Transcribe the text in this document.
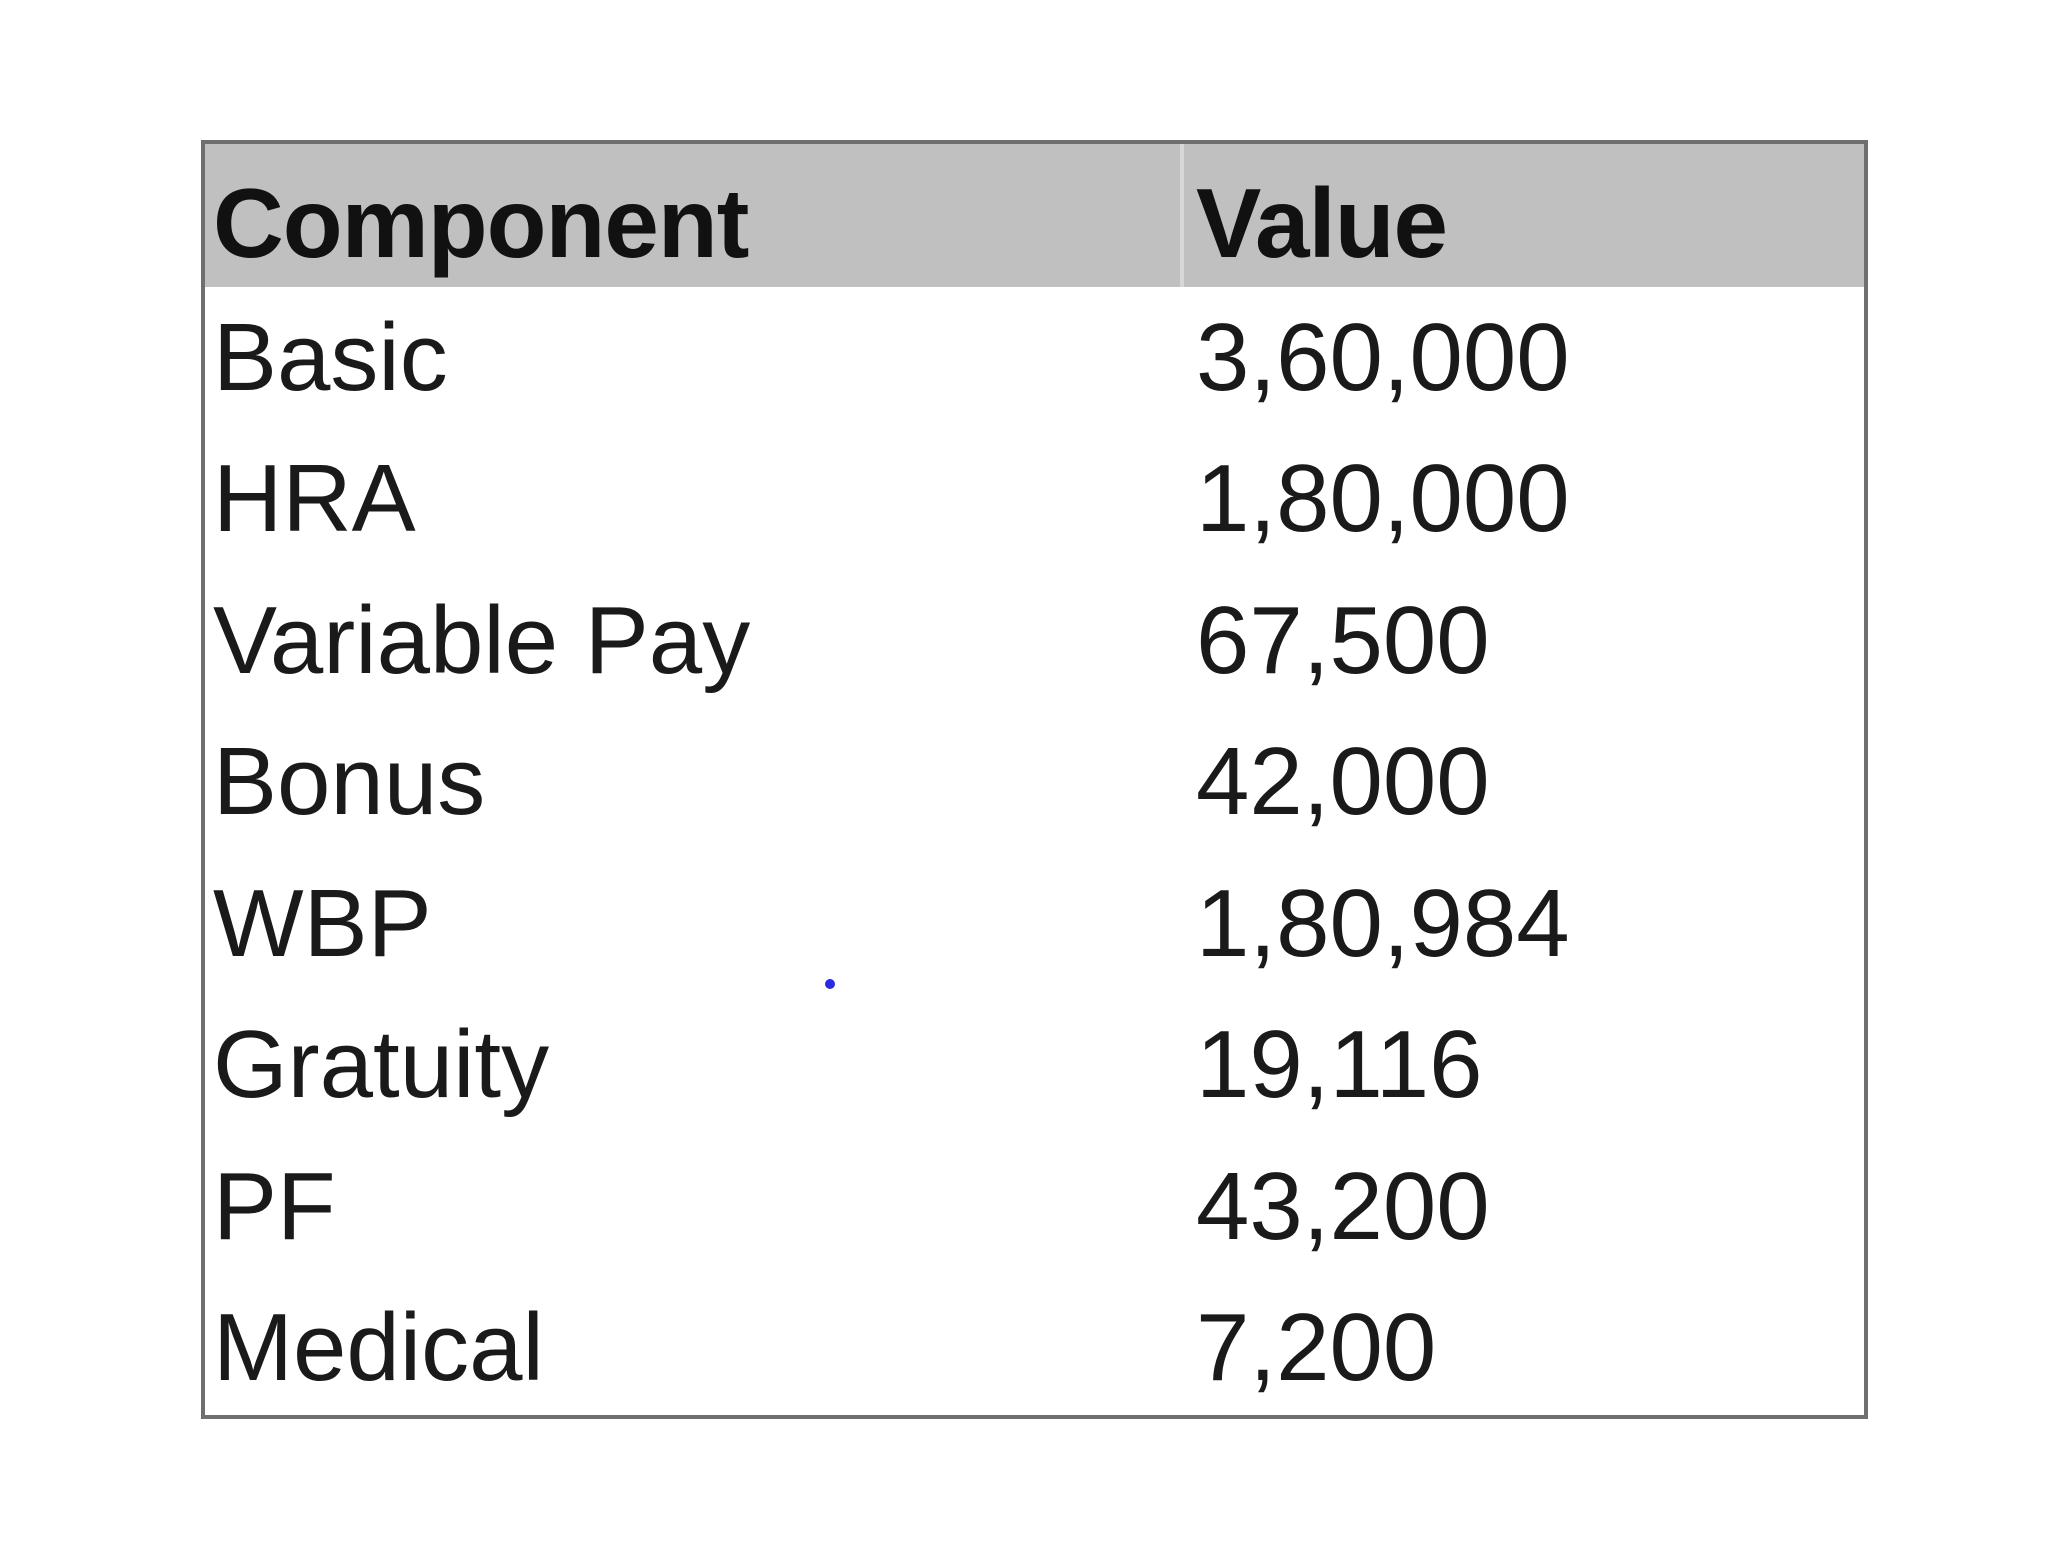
Component	Value
Basic	3,60,000
HRA	1,80,000
Variable Pay	67,500
Bonus	42,000
WBP	1,80,984
Gratuity	19,116
PF	43,200
Medical	7,200
